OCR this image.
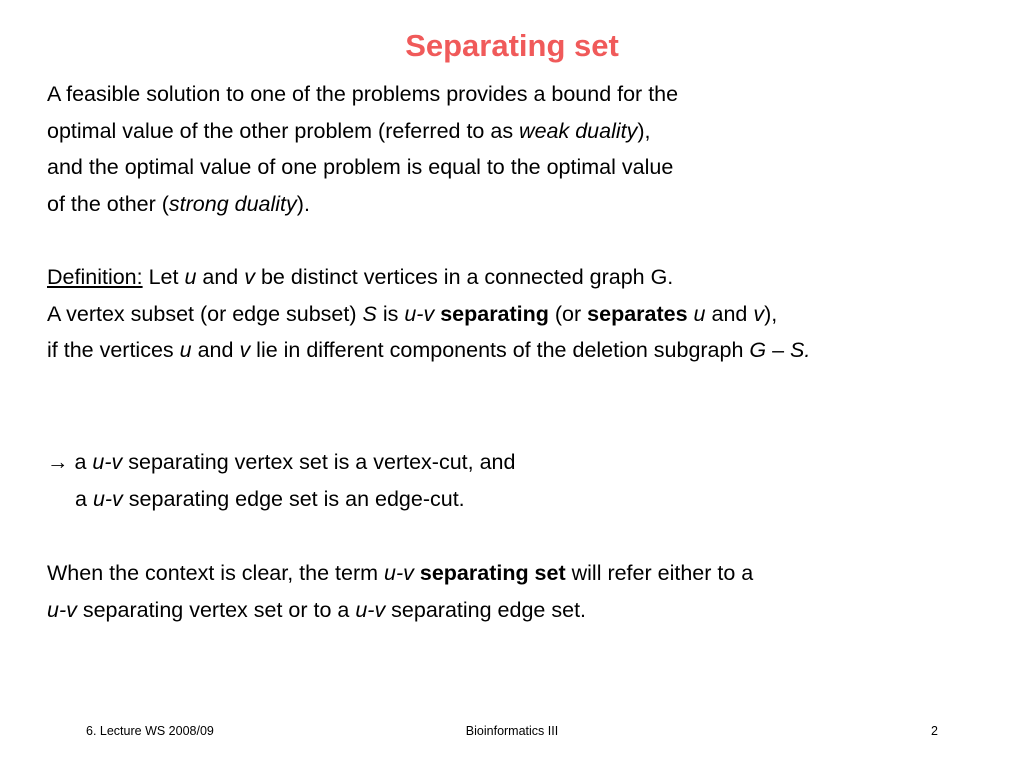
Separating set
A feasible solution to one of the problems provides a bound for the
optimal value of the other problem (referred to as weak duality),
and the optimal value of one problem is equal to the optimal value
of the other (strong duality).
Definition: Let u and v be distinct vertices in a connected graph G.
A vertex subset (or edge subset) S is u-v separating (or separates u and v),
if the vertices u and v lie in different components of the deletion subgraph G – S.
→ a u-v separating vertex set is a vertex-cut, and
a u-v separating edge set is an edge-cut.
When the context is clear, the term u-v separating set will refer either to a
u-v separating vertex set or to a u-v separating edge set.
6. Lecture WS 2008/09	Bioinformatics III	2
